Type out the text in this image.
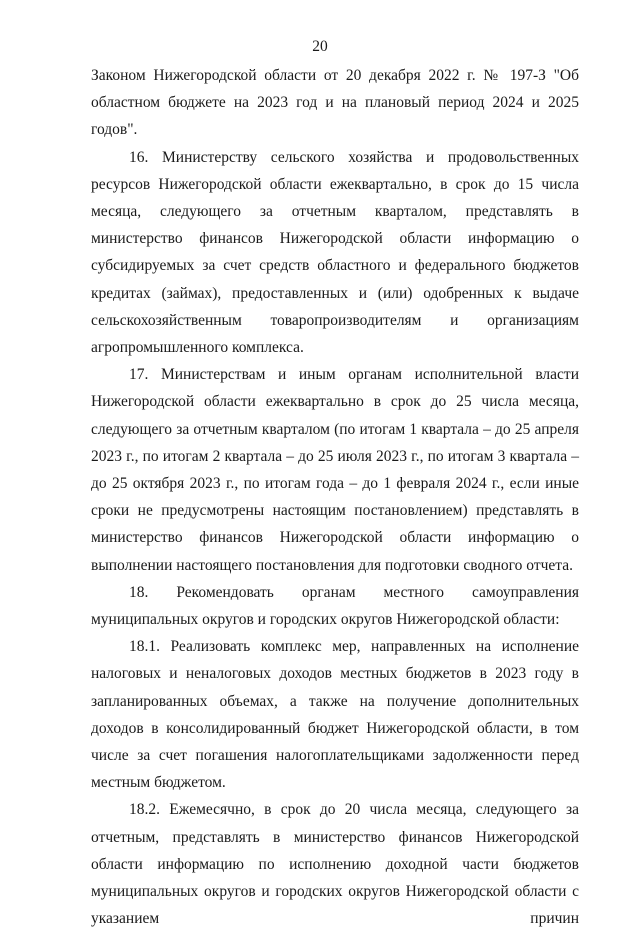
20

Законом Нижегородской области от 20 декабря 2022 г. № 197-З "Об областном бюджете на 2023 год и на плановый период 2024 и 2025 годов".

16. Министерству сельского хозяйства и продовольственных ресурсов Нижегородской области ежеквартально, в срок до 15 числа месяца, следующего за отчетным кварталом, представлять в министерство финансов Нижегородской области информацию о субсидируемых за счет средств областного и федерального бюджетов кредитах (займах), предоставленных и (или) одобренных к выдаче сельскохозяйственным товаропроизводителям и организациям агропромышленного комплекса.

17. Министерствам и иным органам исполнительной власти Нижегородской области ежеквартально в срок до 25 числа месяца, следующего за отчетным кварталом (по итогам 1 квартала – до 25 апреля 2023 г., по итогам 2 квартала – до 25 июля 2023 г., по итогам 3 квартала – до 25 октября 2023 г., по итогам года – до 1 февраля 2024 г., если иные сроки не предусмотрены настоящим постановлением) представлять в министерство финансов Нижегородской области информацию о выполнении настоящего постановления для подготовки сводного отчета.

18. Рекомендовать органам местного самоуправления муниципальных округов и городских округов Нижегородской области:

18.1. Реализовать комплекс мер, направленных на исполнение налоговых и неналоговых доходов местных бюджетов в 2023 году в запланированных объемах, а также на получение дополнительных доходов в консолидированный бюджет Нижегородской области, в том числе за счет погашения налогоплательщиками задолженности перед местным бюджетом.

18.2. Ежемесячно, в срок до 20 числа месяца, следующего за отчетным, представлять в министерство финансов Нижегородской области информацию по исполнению доходной части бюджетов муниципальных округов и городских округов Нижегородской области с указанием причин
